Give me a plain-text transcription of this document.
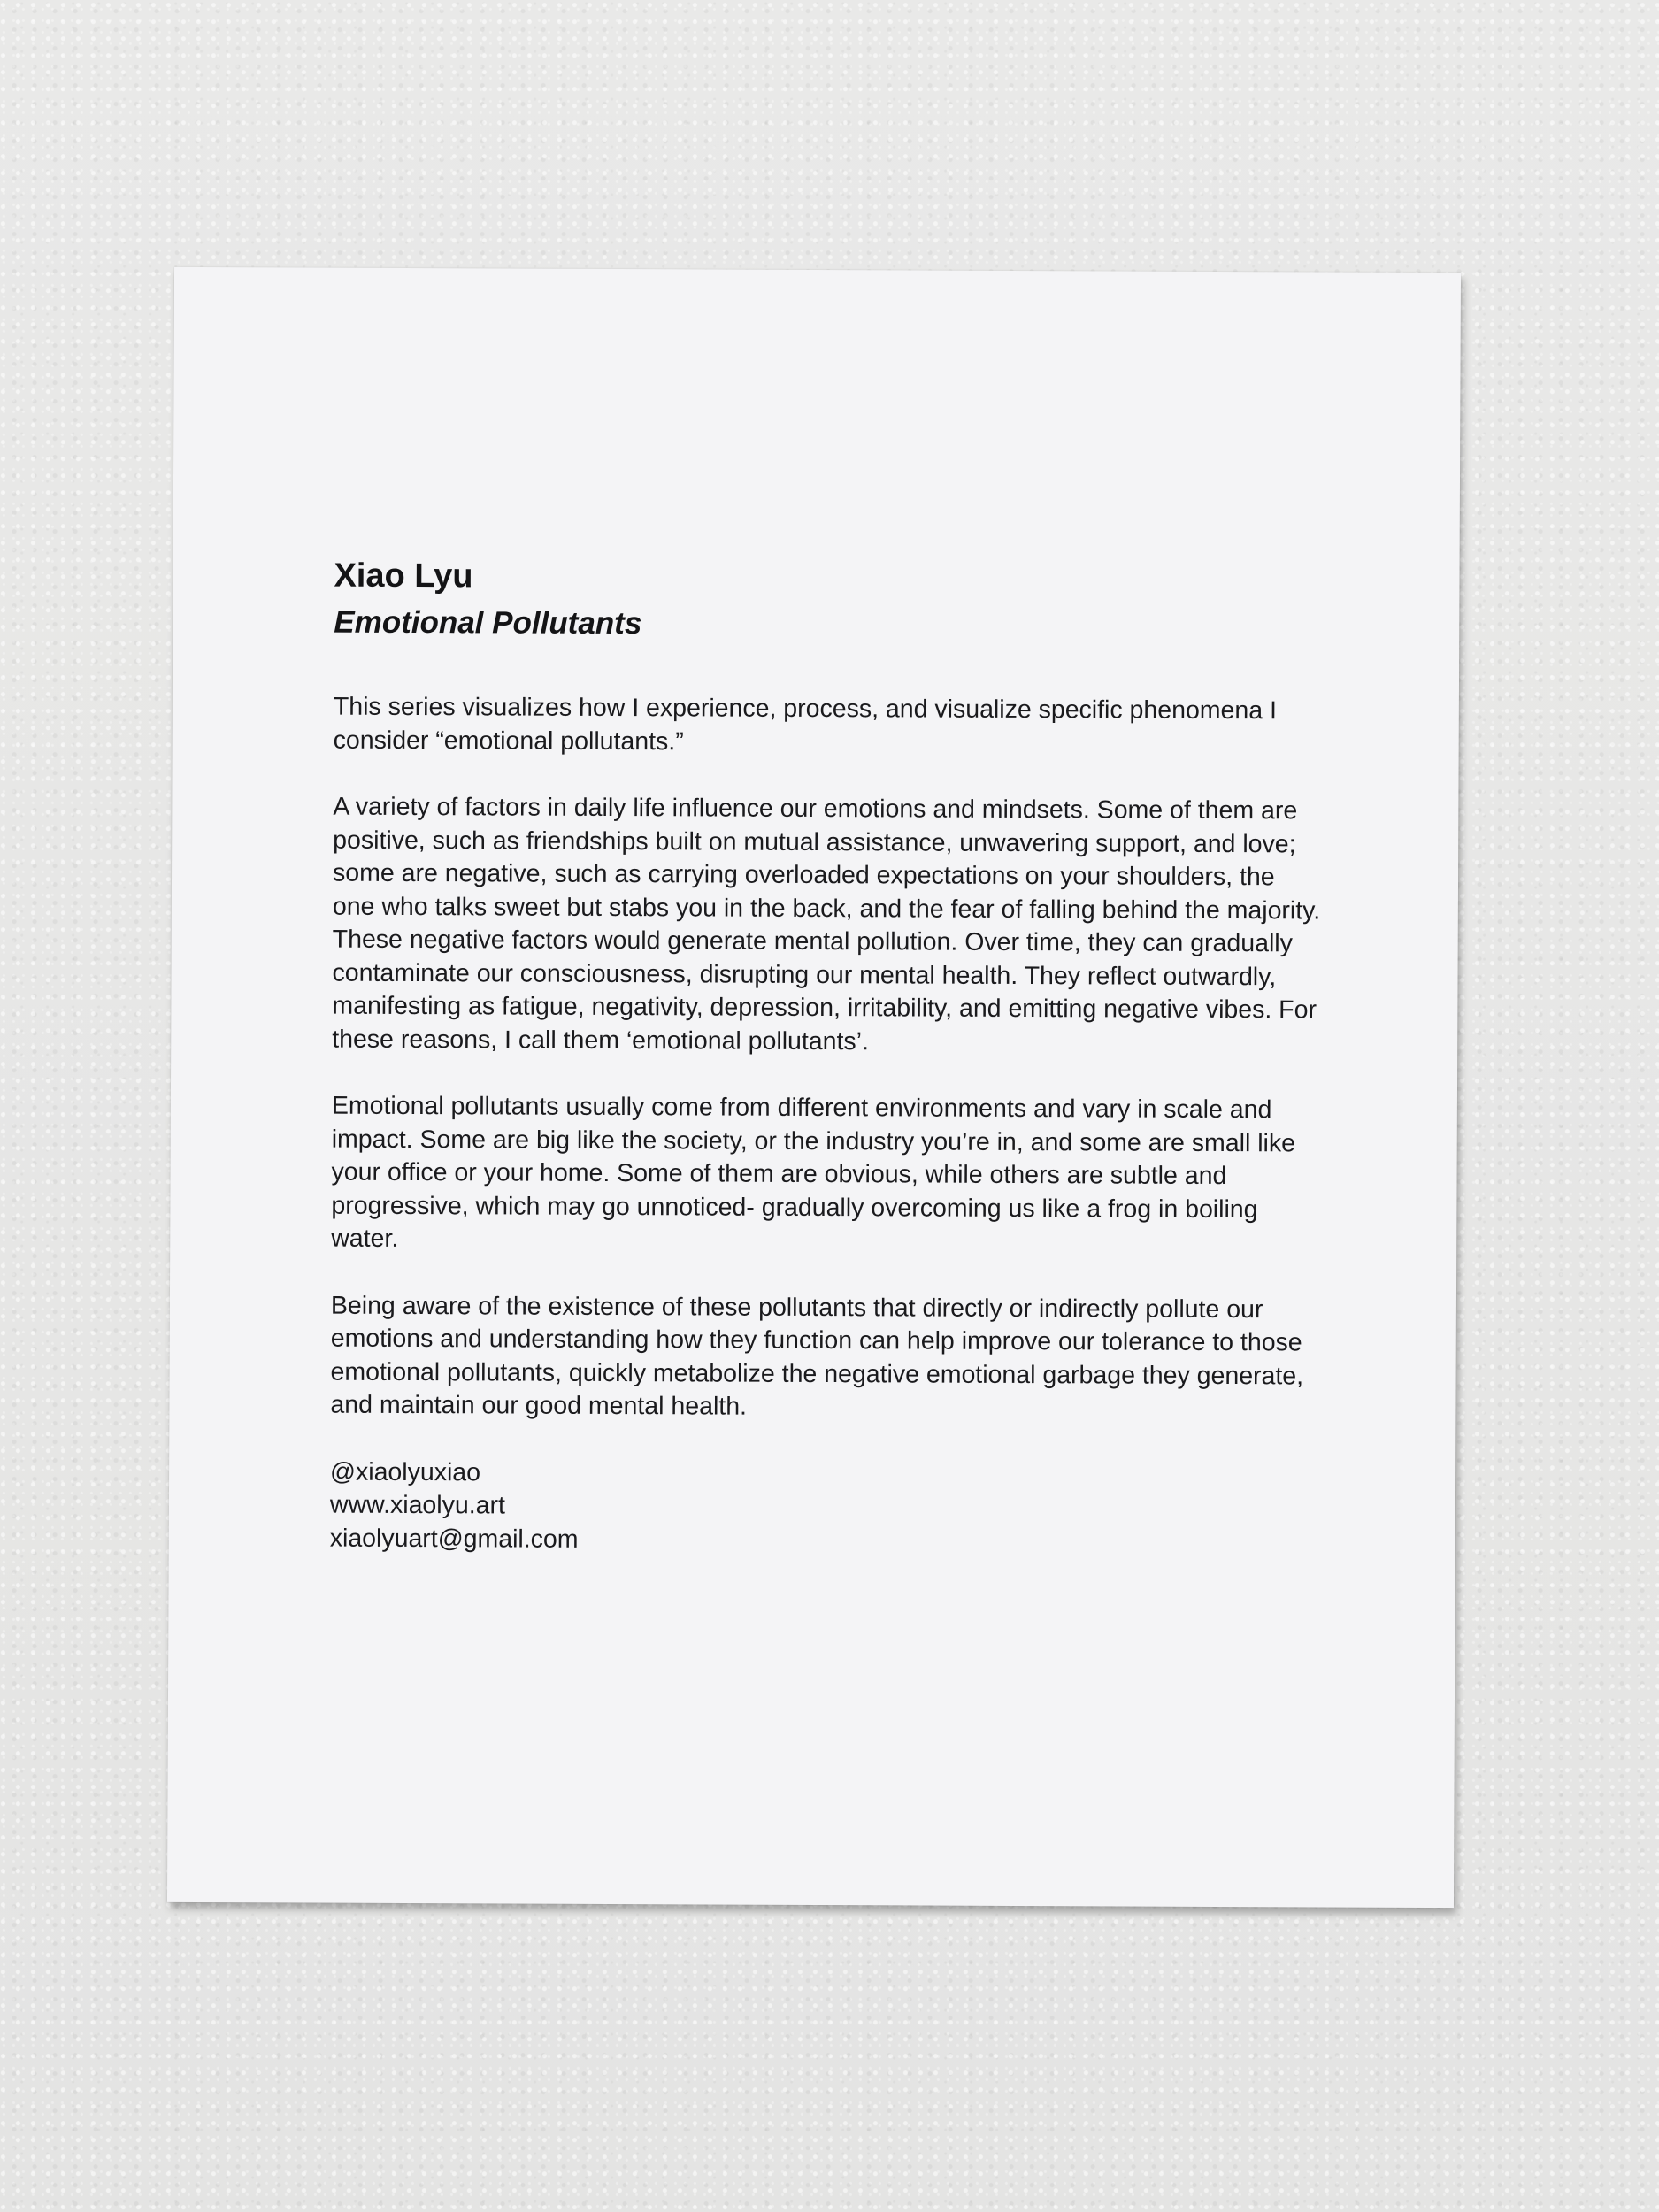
Xiao Lyu
Emotional Pollutants

This series visualizes how I experience, process, and visualize specific phenomena I consider “emotional pollutants.”

A variety of factors in daily life influence our emotions and mindsets. Some of them are positive, such as friendships built on mutual assistance, unwavering support, and love; some are negative, such as carrying overloaded expectations on your shoulders, the one who talks sweet but stabs you in the back, and the fear of falling behind the majority. These negative factors would generate mental pollution. Over time, they can gradually contaminate our consciousness, disrupting our mental health. They reflect outwardly, manifesting as fatigue, negativity, depression, irritability, and emitting negative vibes. For these reasons, I call them ‘emotional pollutants’.

Emotional pollutants usually come from different environments and vary in scale and impact. Some are big like the society, or the industry you’re in, and some are small like your office or your home. Some of them are obvious, while others are subtle and progressive, which may go unnoticed- gradually overcoming us like a frog in boiling water.

Being aware of the existence of these pollutants that directly or indirectly pollute our emotions and understanding how they function can help improve our tolerance to those emotional pollutants, quickly metabolize the negative emotional garbage they generate, and maintain our good mental health.

@xiaolyuxiao
www.xiaolyu.art
xiaolyuart@gmail.com
